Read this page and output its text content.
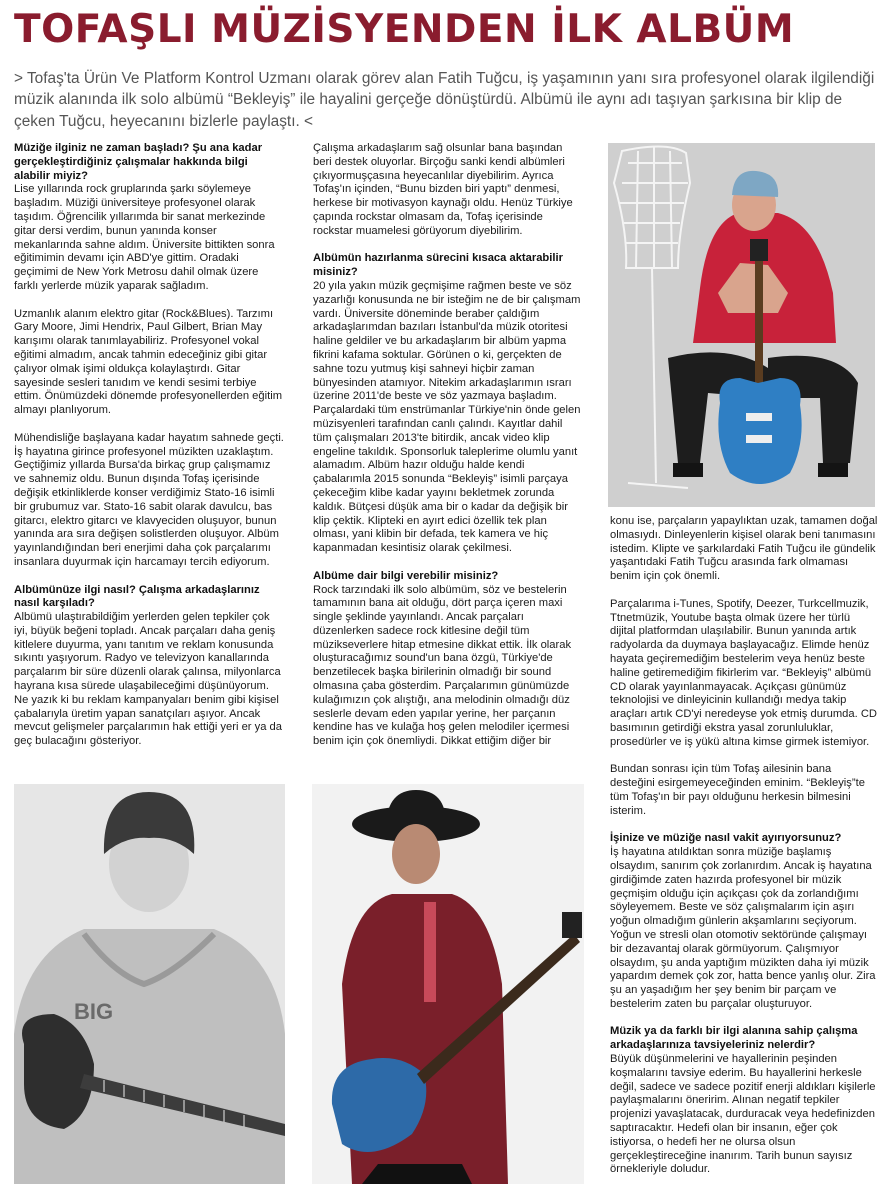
TOFAŞLI MÜZİSYENDEN İLK ALBÜM

> Tofaş'ta Ürün Ve Platform Kontrol Uzmanı olarak görev alan Fatih Tuğcu, iş yaşamının yanı sıra profesyonel olarak ilgilendiği müzik alanında ilk solo albümü “Bekleyiş” ile hayalini gerçeğe dönüştürdü. Albümü ile aynı adı taşıyan şarkısına bir klip de çeken Tuğcu, heyecanını bizlerle paylaştı. <

Müziğe ilginiz ne zaman başladı? Şu ana kadar gerçekleştirdiğiniz çalışmalar hakkında bilgi alabilir miyiz?

Lise yıllarında rock gruplarında şarkı söylemeye başladım. Müziği üniversiteye profesyonel olarak taşıdım. Öğrencilik yıllarımda bir sanat merkezinde gitar dersi verdim, bunun yanında konser mekanlarında sahne aldım. Üniversite bittikten sonra eğitimimin devamı için ABD'ye gittim. Oradaki geçimimi de New York Metrosu dahil olmak üzere farklı yerlerde müzik yaparak sağladım.

Uzmanlık alanım elektro gitar (Rock&Blues). Tarzımı Gary Moore, Jimi Hendrix, Paul Gilbert, Brian May karışımı olarak tanımlayabiliriz. Profesyonel vokal eğitimi almadım, ancak tahmin edeceğiniz gibi gitar çalıyor olmak işimi oldukça kolaylaştırdı. Gitar sayesinde sesleri tanıdım ve kendi sesimi terbiye ettim. Önümüzdeki dönemde profesyonellerden eğitim almayı planlıyorum.

Mühendisliğe başlayana kadar hayatım sahnede geçti. İş hayatına girince profesyonel müzikten uzaklaştım. Geçtiğimiz yıllarda Bursa'da birkaç grup çalışmamız ve sahnemiz oldu. Bunun dışında Tofaş içerisinde değişik etkinliklerde konser verdiğimiz Stato-16 isimli bir grubumuz var. Stato-16 sabit olarak davulcu, bas gitarcı, elektro gitarcı ve klavyeciden oluşuyor, bunun yanında ara sıra değişen solistlerden oluşuyor. Albüm yayınlandığından beri enerjimi daha çok parçalarımı insanlara duyurmak için harcamayı tercih ediyorum.

Albümünüze ilgi nasıl? Çalışma arkadaşlarınız nasıl karşıladı?

Albümü ulaştırabildiğim yerlerden gelen tepkiler çok iyi, büyük beğeni topladı. Ancak parçaları daha geniş kitlelere duyurma, yanı tanıtım ve reklam konusunda sıkıntı yaşıyorum. Radyo ve televizyon kanallarında parçalarım bir süre düzenli olarak çalınsa, milyonlarca hayrana kısa sürede ulaşabileceğimi düşünüyorum. Ne yazık ki bu reklam kampanyaları benim gibi kişisel çabalarıyla üretim yapan sanatçıları aşıyor. Ancak mevcut gelişmeler parçalarımın hak ettiği yeri er ya da geç bulacağını gösteriyor.

Çalışma arkadaşlarım sağ olsunlar bana başından beri destek oluyorlar. Birçoğu sanki kendi albümleri çıkıyormuşçasına heyecanlılar diyebilirim. Ayrıca Tofaş'ın içinden, “Bunu bizden biri yaptı” denmesi, herkese bir motivasyon kaynağı oldu. Henüz Türkiye çapında rockstar olmasam da, Tofaş içerisinde rockstar muamelesi görüyorum diyebilirim.

Albümün hazırlanma sürecini kısaca aktarabilir misiniz?

20 yıla yakın müzik geçmişime rağmen beste ve söz yazarlığı konusunda ne bir isteğim ne de bir çalışmam vardı. Üniversite döneminde beraber çaldığım arkadaşlarımdan bazıları İstanbul'da müzik otoritesi haline geldiler ve bu arkadaşlarım bir albüm yapma fikrini kafama soktular. Görünen o ki, gerçekten de sahne tozu yutmuş kişi sahneyi hiçbir zaman bünyesinden atamıyor. Nitekim arkadaşlarımın ısrarı üzerine 2011'de beste ve söz yazmaya başladım. Parçalardaki tüm enstrümanlar Türkiye'nin önde gelen müzisyenleri tarafından canlı çalındı. Kayıtlar dahil tüm çalışmaları 2013'te bitirdik, ancak video klip engeline takıldık. Sponsorluk taleplerime olumlu yanıt alamadım. Albüm hazır olduğu halde kendi çabalarımla 2015 sonunda “Bekleyiş” isimli parçaya çekeceğim klibe kadar yayını bekletmek zorunda kaldık. Bütçesi düşük ama bir o kadar da değişik bir klip çektik. Klipteki en ayırt edici özellik tek plan olması, yani klibin bir defada, tek kamera ve hiç kapanmadan kesintisiz olarak çekilmesi.

Albüme dair bilgi verebilir misiniz?

Rock tarzındaki ilk solo albümüm, söz ve bestelerin tamamının bana ait olduğu, dört parça içeren maxi single şeklinde yayınlandı. Ancak parçaları düzenlerken sadece rock kitlesine değil tüm müzikseverlere hitap etmesine dikkat ettik. İlk olarak oluşturacağımız sound'un bana özgü, Türkiye'de benzetilecek başka birilerinin olmadığı bir sound olmasına çaba gösterdim. Parçalarımın günümüzde kulağımızın çok alıştığı, ana melodinin olmadığı düz seslerle devam eden yapılar yerine, her parçanın kendine has ve kulağa hoş gelen melodiler içermesi benim için çok önemliydi. Dikkat ettiğim diğer bir

konu ise, parçaların yapaylıktan uzak, tamamen doğal olmasıydı. Dinleyenlerin kişisel olarak beni tanımasını istedim. Klipte ve şarkılardaki Fatih Tuğcu ile gündelik yaşantıdaki Fatih Tuğcu arasında fark olmaması benim için çok önemli.

Parçalarıma i-Tunes, Spotify, Deezer, Turkcellmuzik, Ttnetmüzik, Youtube başta olmak üzere her türlü dijital platformdan ulaşılabilir. Bunun yanında artık radyolarda da duymaya başlayacağız. Elimde henüz hayata geçiremediğim bestelerim veya henüz beste haline getiremediğim fikirlerim var. “Bekleyiş” albümü CD olarak yayınlanmayacak. Açıkçası günümüz teknolojisi ve dinleyicinin kullandığı medya takip araçları artık CD'yi neredeyse yok etmiş durumda. CD basımının getirdiği ekstra yasal zorunluluklar, prosedürler ve iş yükü altına kimse girmek istemiyor.

Bundan sonrası için tüm Tofaş ailesinin bana desteğini esirgemeyeceğinden eminim. “Bekleyiş”te tüm Tofaş'ın bir payı olduğunu herkesin bilmesini isterim.

İşinize ve müziğe nasıl vakit ayırıyorsunuz?

İş hayatına atıldıktan sonra müziğe başlamış olsaydım, sanırım çok zorlanırdım. Ancak iş hayatına girdiğimde zaten hazırda profesyonel bir müzik geçmişim olduğu için açıkçası çok da zorlandığımı söyleyemem. Beste ve söz çalışmalarım için aşırı yoğun olmadığım günlerin akşamlarını seçiyorum. Yoğun ve stresli olan otomotiv sektöründe çalışmayı bir dezavantaj olarak görmüyorum. Çalışmıyor olsaydım, şu anda yaptığım müzikten daha iyi müzik yapardım demek çok zor, hatta bence yanlış olur. Zira şu an yaşadığım her şey benim bir parçam ve bestelerim zaten bu parçalar oluşturuyor.

Müzik ya da farklı bir ilgi alanına sahip çalışma arkadaşlarınıza tavsiyeleriniz nelerdir?

Büyük düşünmelerini ve hayallerinin peşinden koşmalarını tavsiye ederim. Bu hayallerini herkesle değil, sadece ve sadece pozitif enerji aldıkları kişilerle paylaşmalarını öneririm. Alınan negatif tepkiler projenizi yavaşlatacak, durduracak veya hedefinizden saptıracaktır. Hedefi olan bir insanın, eğer çok istiyorsa, o hedefi her ne olursa olsun gerçekleştireceğine inanırım. Tarih bunun sayısız örnekleriyle doludur.

BIG
